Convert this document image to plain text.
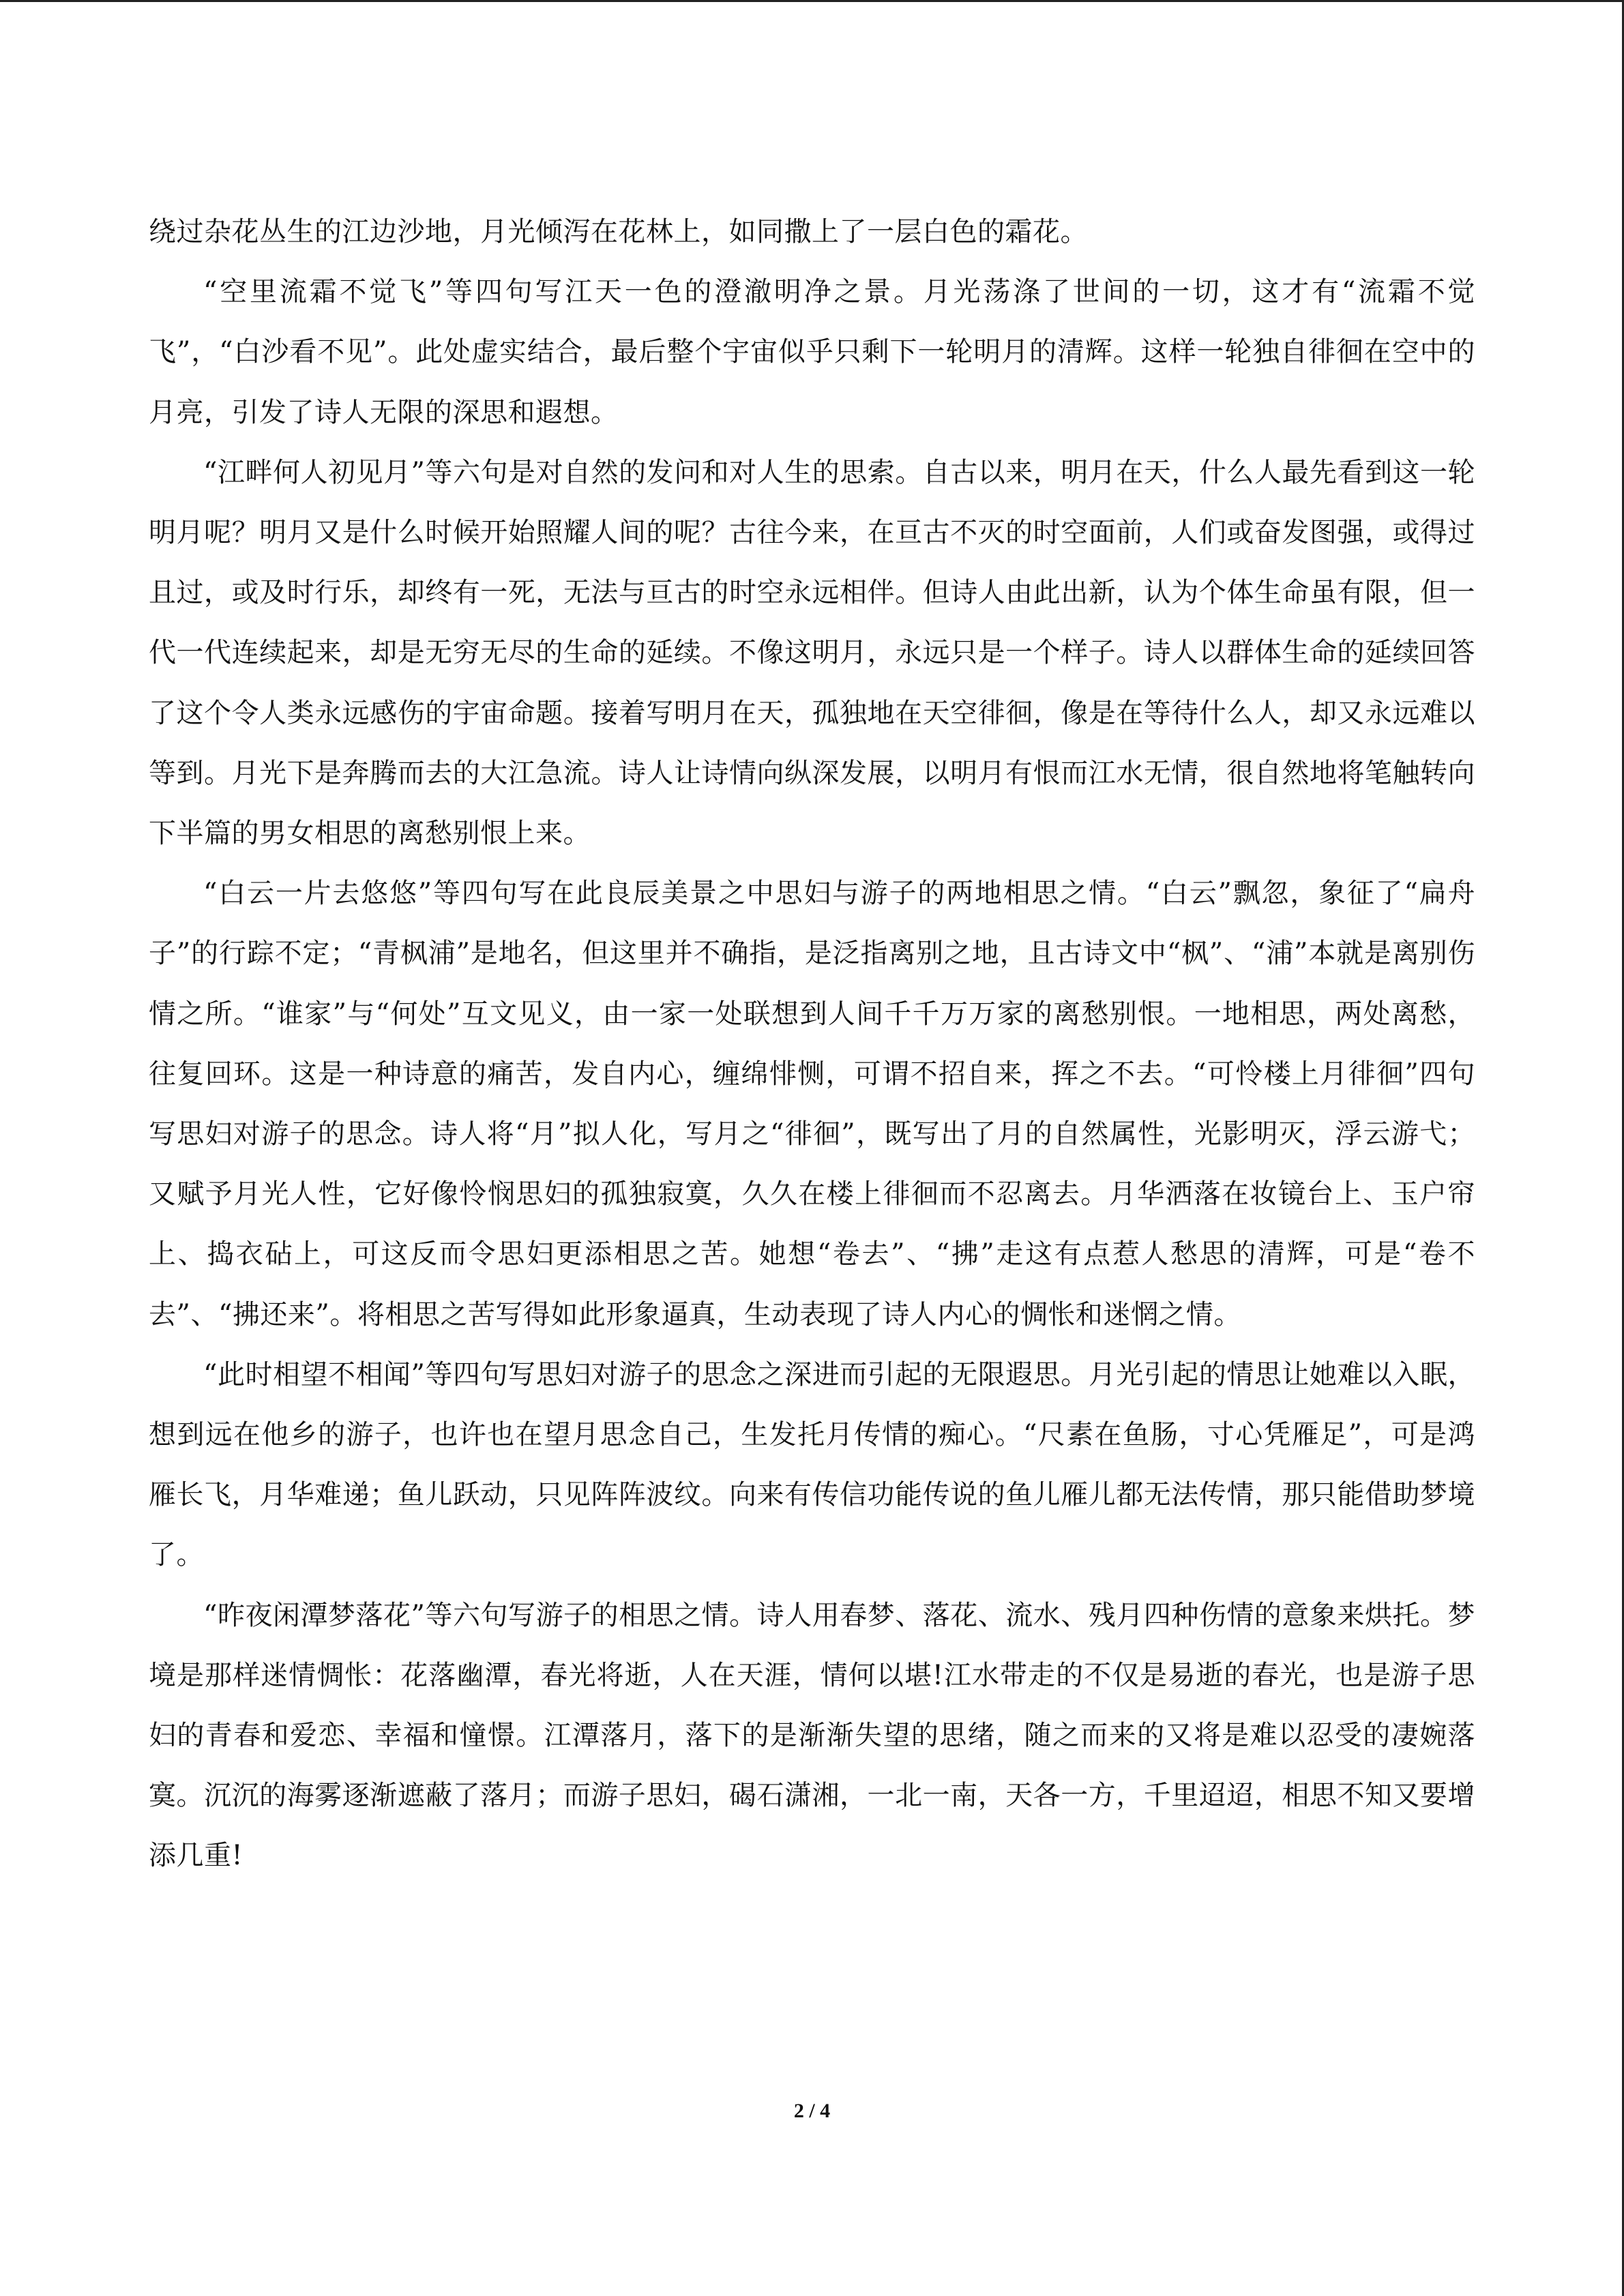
绕过杂花丛生的江边沙地，月光倾泻在花林上，如同撒上了一层白色的霜花。

“空里流霜不觉飞”等四句写江天一色的澄澈明净之景。月光荡涤了世间的一切，这才有“流霜不觉飞”，“白沙看不见”。此处虚实结合，最后整个宇宙似乎只剩下一轮明月的清辉。这样一轮独自徘徊在空中的月亮，引发了诗人无限的深思和遐想。

“江畔何人初见月”等六句是对自然的发问和对人生的思索。自古以来，明月在天，什么人最先看到这一轮明月呢？明月又是什么时候开始照耀人间的呢？古往今来，在亘古不灭的时空面前，人们或奋发图强，或得过且过，或及时行乐，却终有一死，无法与亘古的时空永远相伴。但诗人由此出新，认为个体生命虽有限，但一代一代连续起来，却是无穷无尽的生命的延续。不像这明月，永远只是一个样子。诗人以群体生命的延续回答了这个令人类永远感伤的宇宙命题。接着写明月在天，孤独地在天空徘徊，像是在等待什么人，却又永远难以等到。月光下是奔腾而去的大江急流。诗人让诗情向纵深发展，以明月有恨而江水无情，很自然地将笔触转向下半篇的男女相思的离愁别恨上来。

“白云一片去悠悠”等四句写在此良辰美景之中思妇与游子的两地相思之情。“白云”飘忽，象征了“扁舟子”的行踪不定；“青枫浦”是地名，但这里并不确指，是泛指离别之地，且古诗文中“枫”、“浦”本就是离别伤情之所。“谁家”与“何处”互文见义，由一家一处联想到人间千千万万家的离愁别恨。一地相思，两处离愁，往复回环。这是一种诗意的痛苦，发自内心，缠绵悱恻，可谓不招自来，挥之不去。“可怜楼上月徘徊”四句写思妇对游子的思念。诗人将“月”拟人化，写月之“徘徊”，既写出了月的自然属性，光影明灭，浮云游弋；又赋予月光人性，它好像怜悯思妇的孤独寂寞，久久在楼上徘徊而不忍离去。月华洒落在妆镜台上、玉户帘上、捣衣砧上，可这反而令思妇更添相思之苦。她想“卷去”、“拂”走这有点惹人愁思的清辉，可是“卷不去”、“拂还来”。将相思之苦写得如此形象逼真，生动表现了诗人内心的惆怅和迷惘之情。

“此时相望不相闻”等四句写思妇对游子的思念之深进而引起的无限遐思。月光引起的情思让她难以入眠，想到远在他乡的游子，也许也在望月思念自己，生发托月传情的痴心。“尺素在鱼肠，寸心凭雁足”，可是鸿雁长飞，月华难递；鱼儿跃动，只见阵阵波纹。向来有传信功能传说的鱼儿雁儿都无法传情，那只能借助梦境了。

“昨夜闲潭梦落花”等六句写游子的相思之情。诗人用春梦、落花、流水、残月四种伤情的意象来烘托。梦境是那样迷情惆怅：花落幽潭，春光将逝，人在天涯，情何以堪!江水带走的不仅是易逝的春光，也是游子思妇的青春和爱恋、幸福和憧憬。江潭落月，落下的是渐渐失望的思绪，随之而来的又将是难以忍受的凄婉落寞。沉沉的海雾逐渐遮蔽了落月；而游子思妇，碣石潇湘，一北一南，天各一方，千里迢迢，相思不知又要增添几重!

2 / 4
